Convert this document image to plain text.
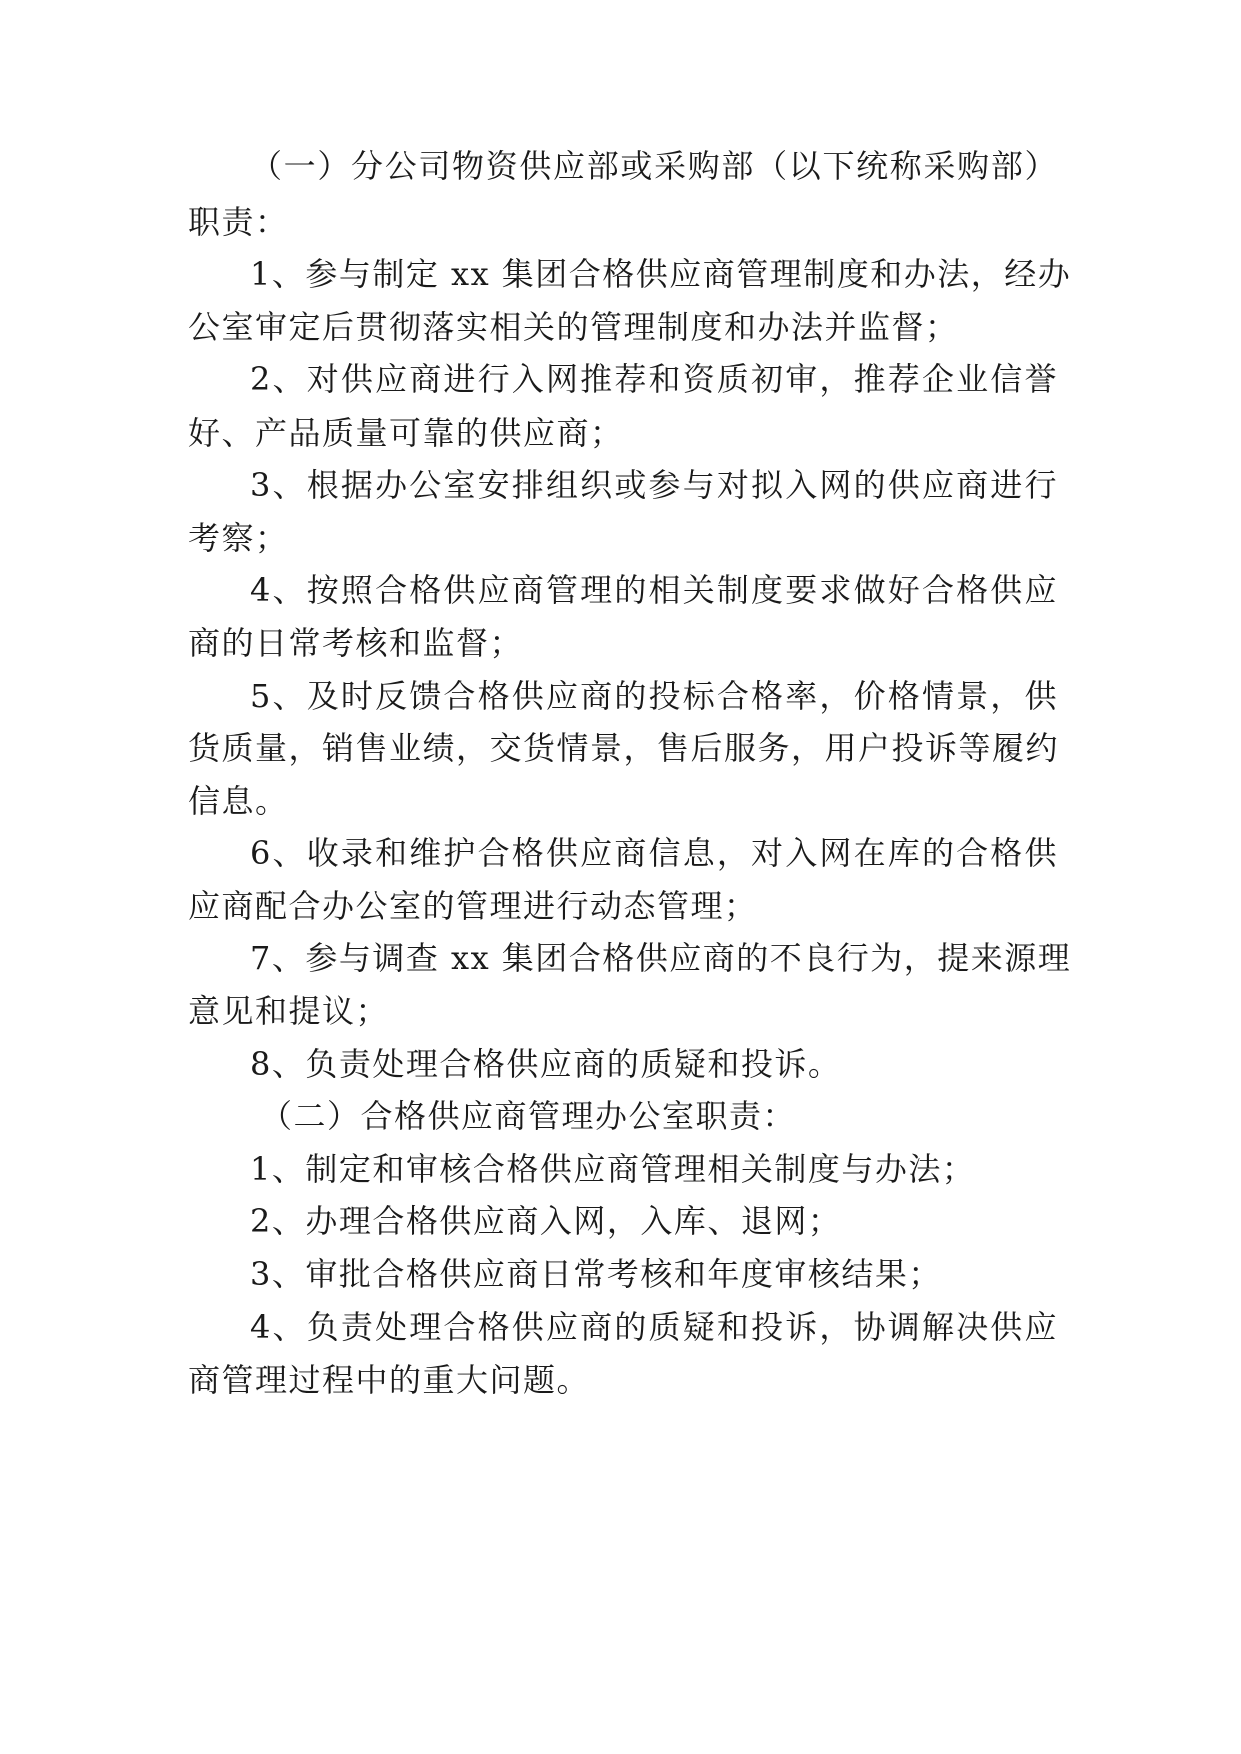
（一）分公司物资供应部或采购部（以下统称采购部）
职责：
1、参与制定 xx 集团合格供应商管理制度和办法，经办
公室审定后贯彻落实相关的管理制度和办法并监督；
2、对供应商进行入网推荐和资质初审，推荐企业信誉
好、产品质量可靠的供应商；
3、根据办公室安排组织或参与对拟入网的供应商进行
考察；
4、按照合格供应商管理的相关制度要求做好合格供应
商的日常考核和监督；
5、及时反馈合格供应商的投标合格率，价格情景，供
货质量，销售业绩，交货情景，售后服务，用户投诉等履约
信息。
6、收录和维护合格供应商信息，对入网在库的合格供
应商配合办公室的管理进行动态管理；
7、参与调查 xx 集团合格供应商的不良行为，提来源理
意见和提议；
8、负责处理合格供应商的质疑和投诉。
（二）合格供应商管理办公室职责：
1、制定和审核合格供应商管理相关制度与办法；
2、办理合格供应商入网，入库、退网；
3、审批合格供应商日常考核和年度审核结果；
4、负责处理合格供应商的质疑和投诉，协调解决供应
商管理过程中的重大问题。
